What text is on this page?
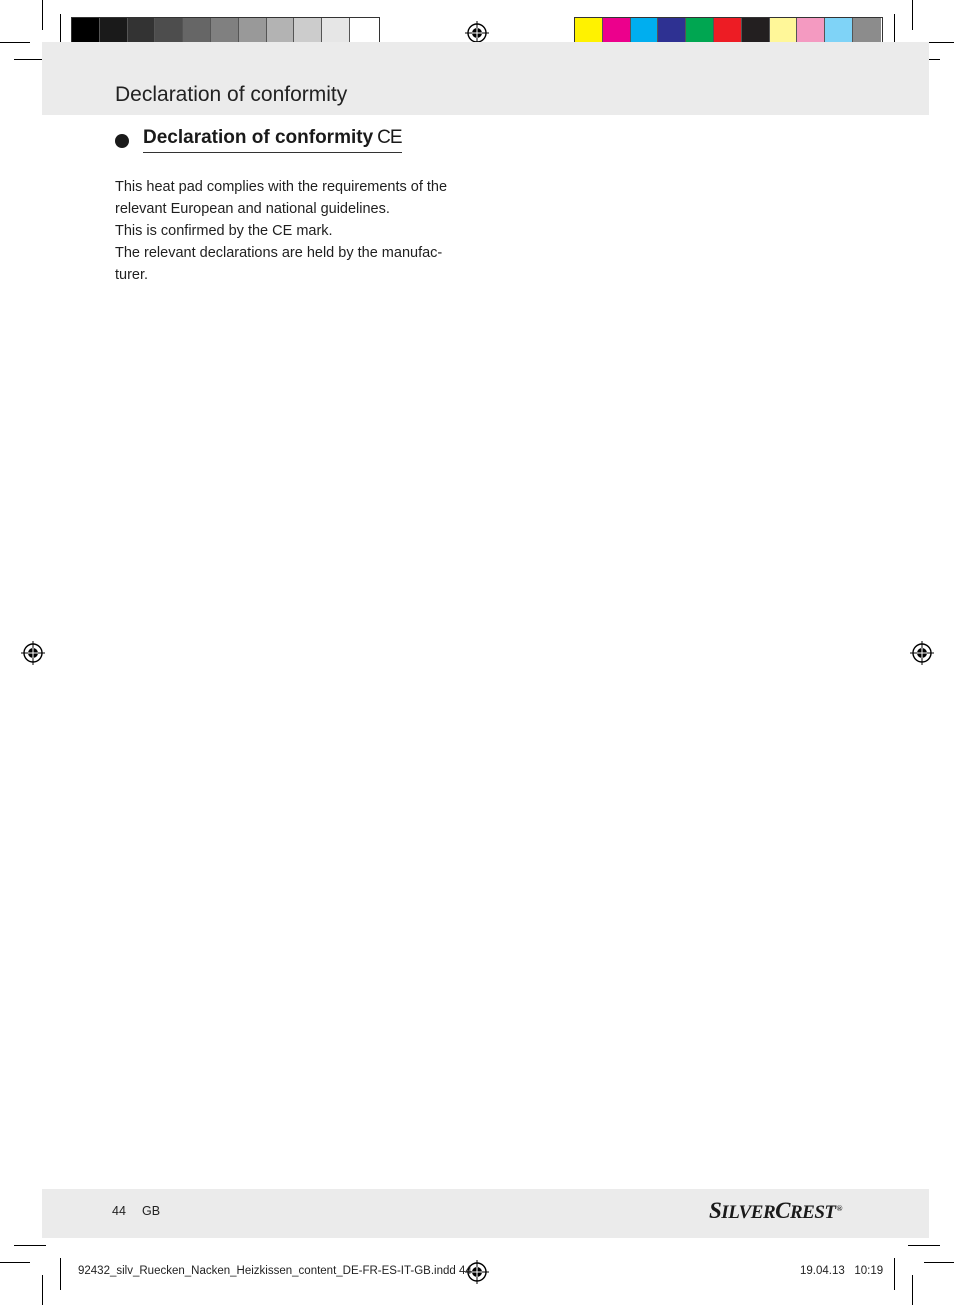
Declaration of conformity
Declaration of conformity CE

This heat pad complies with the requirements of the

relevant European and national guidelines.

This is confirmed by the CE mark.

The relevant declarations are held by the manufac-

turer.

44 GB	SILVERCREST®
92432_silv_Ruecken_Nacken_Heizkissen_content_DE-FR-ES-IT-GB.indd 44	19.04.13 10:19
